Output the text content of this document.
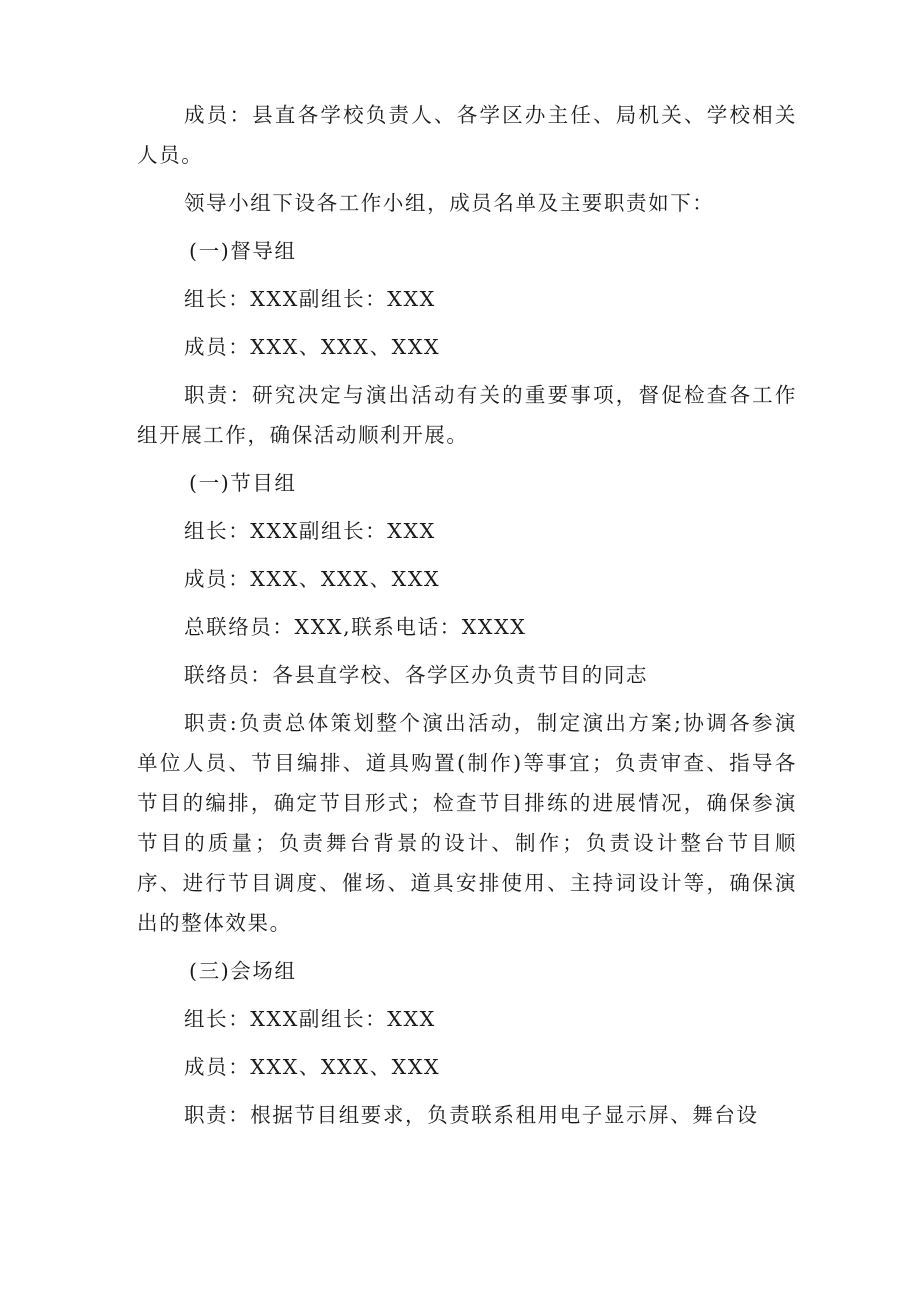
成员：县直各学校负责人、各学区办主任、局机关、学校相关人员。

领导小组下设各工作小组，成员名单及主要职责如下：

(一)督导组

组长：XXX副组长：XXX

成员：XXX、XXX、XXX

职责：研究决定与演出活动有关的重要事项，督促检查各工作组开展工作，确保活动顺利开展。

(一)节目组

组长：XXX副组长：XXX

成员：XXX、XXX、XXX

总联络员：XXX,联系电话：XXXX

联络员：各县直学校、各学区办负责节目的同志

职责:负责总体策划整个演出活动，制定演出方案;协调各参演单位人员、节目编排、道具购置(制作)等事宜；负责审查、指导各节目的编排，确定节目形式；检查节目排练的进展情况，确保参演节目的质量；负责舞台背景的设计、制作；负责设计整台节目顺序、进行节目调度、催场、道具安排使用、主持词设计等，确保演出的整体效果。

(三)会场组

组长：XXX副组长：XXX

成员：XXX、XXX、XXX

职责：根据节目组要求，负责联系租用电子显示屏、舞台设
